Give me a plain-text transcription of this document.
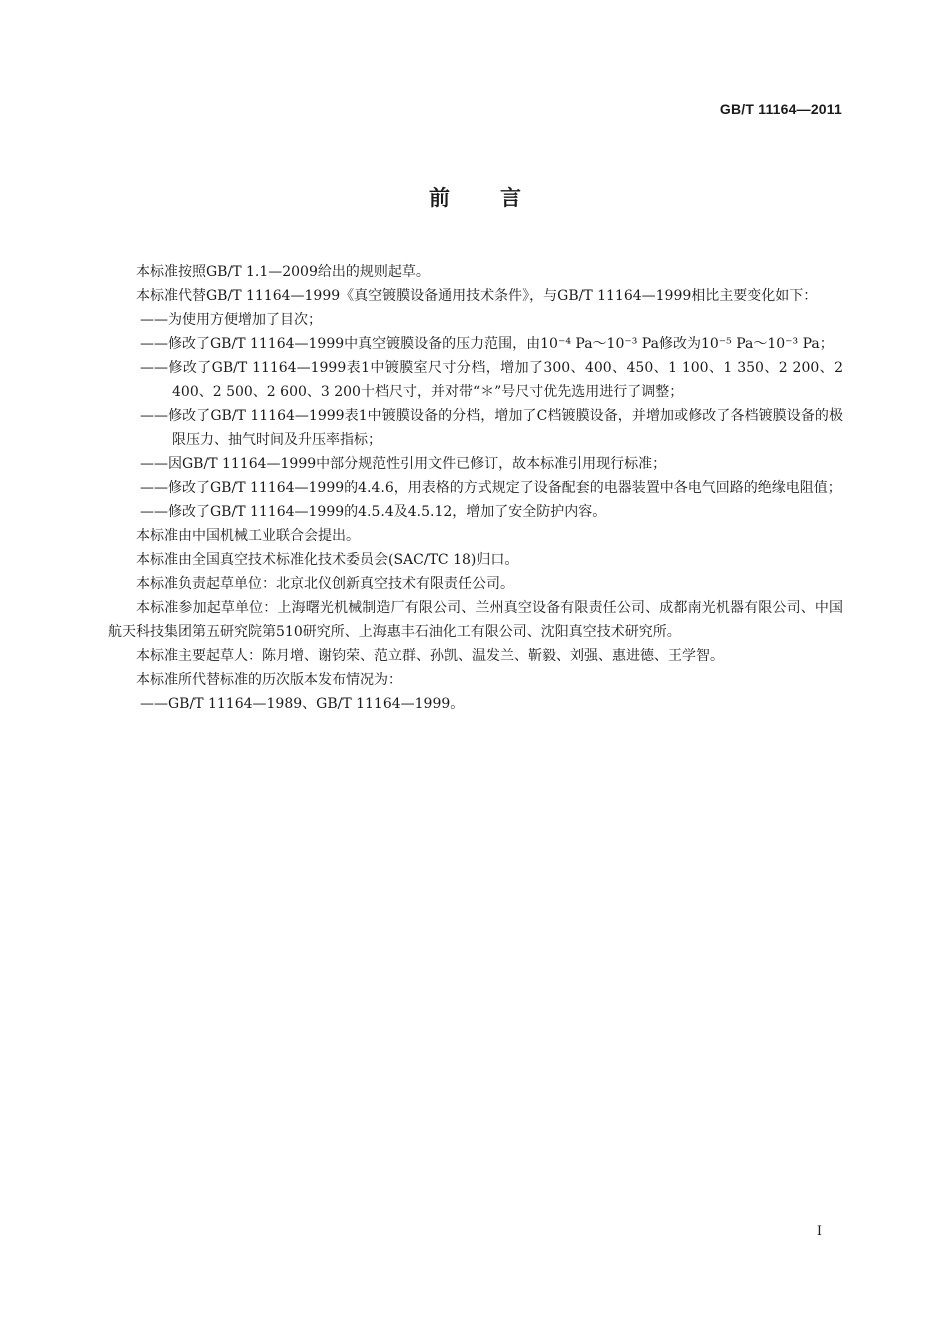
GB/T 11164—2011
前言

本标准按照GB/T 1.1—2009给出的规则起草。

本标准代替GB/T 11164—1999《真空镀膜设备通用技术条件》，与GB/T 11164—1999相比主要变化如下：

——为使用方便增加了目次；

——修改了GB/T 11164—1999中真空镀膜设备的压力范围，由10⁻⁴ Pa～10⁻³ Pa修改为10⁻⁵ Pa～10⁻³ Pa；

——修改了GB/T 11164—1999表1中镀膜室尺寸分档，增加了300、400、450、1 100、1 350、2 200、2 400、2 500、2 600、3 200十档尺寸，并对带“＊”号尺寸优先选用进行了调整；

——修改了GB/T 11164—1999表1中镀膜设备的分档，增加了C档镀膜设备，并增加或修改了各档镀膜设备的极限压力、抽气时间及升压率指标；

——因GB/T 11164—1999中部分规范性引用文件已修订，故本标准引用现行标准；

——修改了GB/T 11164—1999的4.4.6，用表格的方式规定了设备配套的电器装置中各电气回路的绝缘电阻值；

——修改了GB/T 11164—1999的4.5.4及4.5.12，增加了安全防护内容。

本标准由中国机械工业联合会提出。

本标准由全国真空技术标准化技术委员会(SAC/TC 18)归口。

本标准负责起草单位：北京北仪创新真空技术有限责任公司。

本标准参加起草单位：上海曙光机械制造厂有限公司、兰州真空设备有限责任公司、成都南光机器有限公司、中国航天科技集团第五研究院第510研究所、上海惠丰石油化工有限公司、沈阳真空技术研究所。

本标准主要起草人：陈月增、谢钧荣、范立群、孙凯、温发兰、靳毅、刘强、惠进德、王学智。

本标准所代替标准的历次版本发布情况为：

——GB/T 11164—1989、GB/T 11164—1999。

I
